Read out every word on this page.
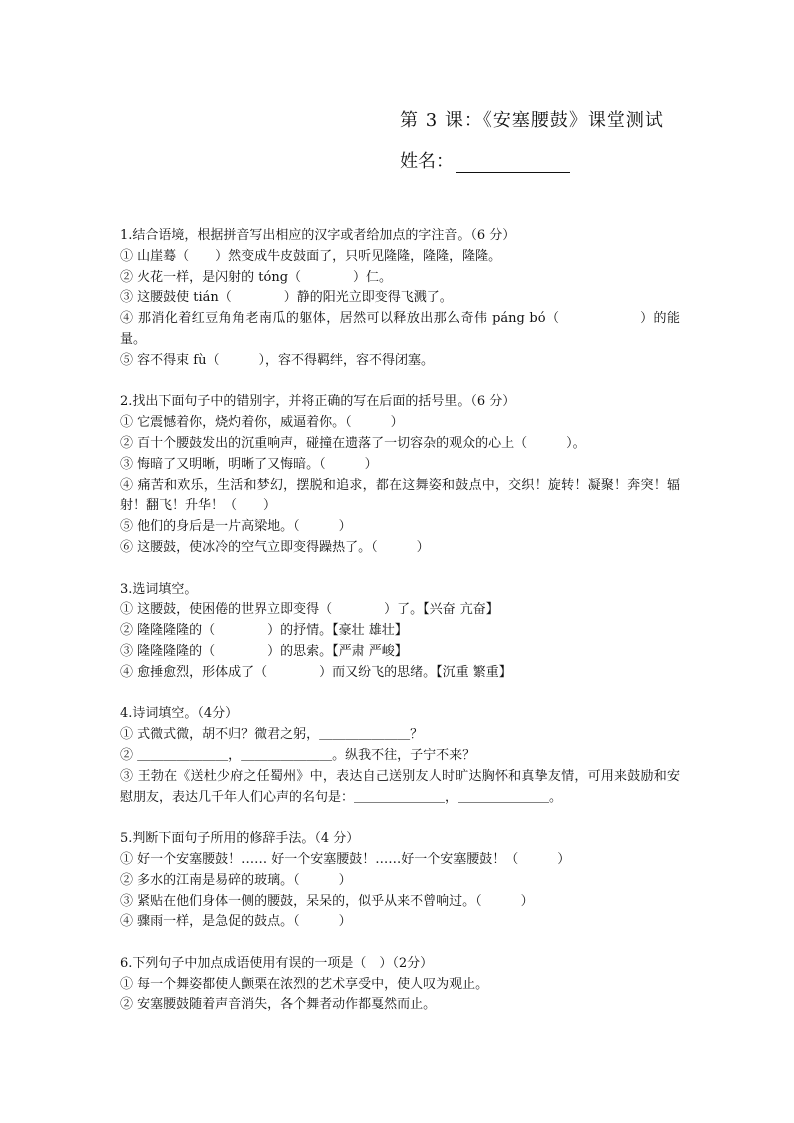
第 3 课：《安塞腰鼓》课堂测试
姓名：
1.结合语境，根据拼音写出相应的汉字或者给加点的字注音。（6 分）
① 山崖蓦（　　）然变成牛皮鼓面了，只听见隆隆，隆隆，隆隆。
② 火花一样，是闪射的 tóng（　　　　）仁。
③ 这腰鼓使 tián（　　　　）静的阳光立即变得飞溅了。
④ 那消化着红豆角角老南瓜的躯体，居然可以释放出那么奇伟 páng bó（　　　　　　）的能量。
⑤ 容不得束 fù（　　　），容不得羁绊，容不得闭塞。
2.找出下面句子中的错别字，并将正确的写在后面的括号里。（6 分）
① 它震憾着你，烧灼着你，威逼着你。（　　　）
② 百十个腰鼓发出的沉重响声，碰撞在遗落了一切容杂的观众的心上（　　　）。
③ 悔暗了又明晰，明晰了又悔暗。（　　　）
④ 痛苦和欢乐，生活和梦幻，摆脱和追求，都在这舞姿和鼓点中，交织！旋转！凝聚！奔突！辐射！翻飞！升华！（　　）
⑤ 他们的身后是一片高梁地。（　　　）
⑥ 这腰鼓，使冰冷的空气立即变得躁热了。（　　　）
3.选词填空。
① 这腰鼓，使困倦的世界立即变得（　　　　）了。【兴奋 亢奋】
② 隆隆隆隆的（　　　　）的抒情。【豪壮 雄壮】
③ 隆隆隆隆的（　　　　）的思索。【严肃 严峻】
④ 愈捶愈烈，形体成了（　　　　）而又纷飞的思绪。【沉重 繁重】
4.诗词填空。（4分）
① 式微式微，胡不归？微君之躬，＿＿＿＿＿＿＿？
② ＿＿＿＿＿＿＿，＿＿＿＿＿＿＿。纵我不往，子宁不来？
③ 王勃在《送杜少府之任蜀州》中，表达自己送别友人时旷达胸怀和真挚友情，可用来鼓励和安慰朋友，表达几千年人们心声的名句是：＿＿＿＿＿＿＿，＿＿＿＿＿＿＿。
5.判断下面句子所用的修辞手法。（4 分）
① 好一个安塞腰鼓！…… 好一个安塞腰鼓！……好一个安塞腰鼓！（　　　）
② 多水的江南是易碎的玻璃。（　　　）
③ 紧贴在他们身体一侧的腰鼓，呆呆的，似乎从来不曾响过。（　　　）
④ 骤雨一样，是急促的鼓点。（　　　）
6.下列句子中加点成语使用有误的一项是（　）（2分）
① 每一个舞姿都使人颤栗在浓烈的艺术享受中，使人叹为观止。
② 安塞腰鼓随着声音消失，各个舞者动作都戛然而止。
